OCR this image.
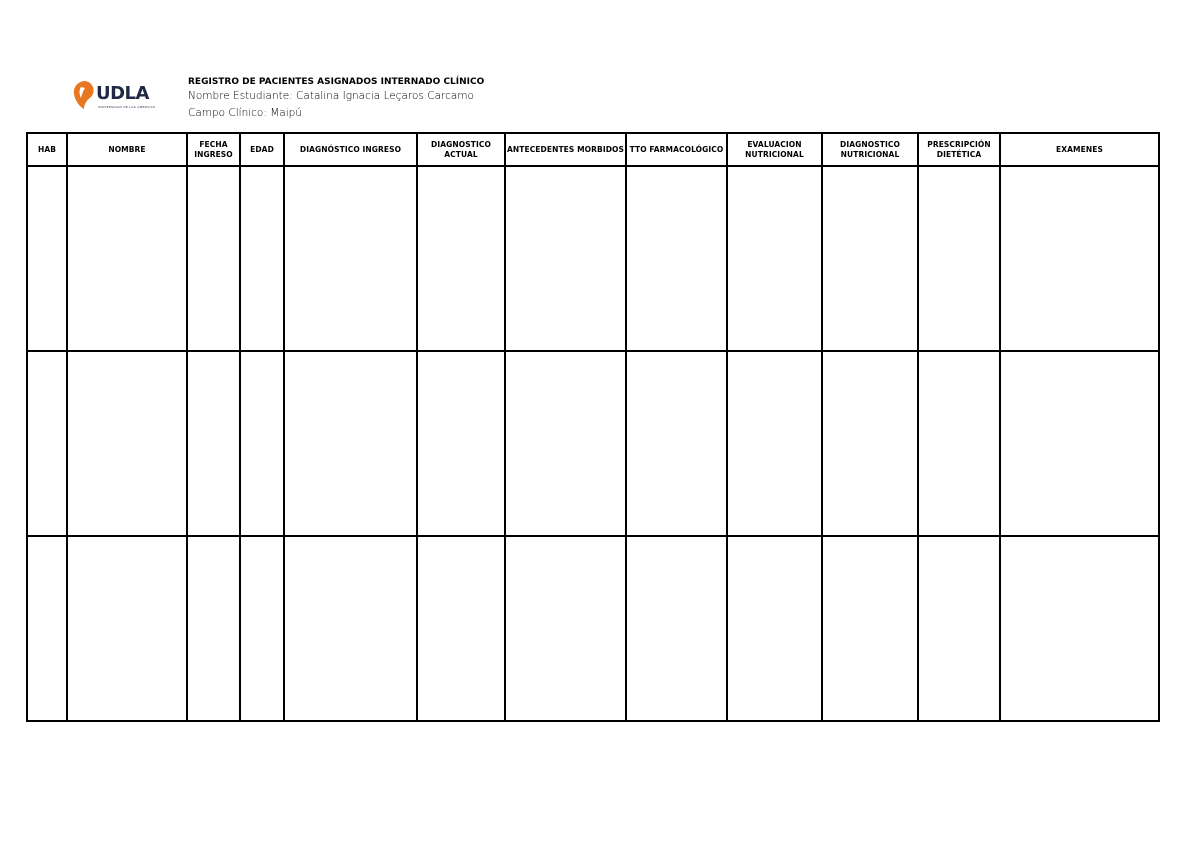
UDLA
UNIVERSIDAD DE LAS AMERICAS

REGISTRO DE PACIENTES ASIGNADOS INTERNADO CLÍNICO

Nombre Estudiante: Catalina Ignacia Leçaros Carcamo

Campo Clínico: Maipú

HAB	NOMBRE	FECHA INGRESO	EDAD	DIAGNÓSTICO INGRESO	DIAGNOSTICO ACTUAL	ANTECEDENTES MORBIDOS	TTO FARMACOLÓGICO	EVALUACION NUTRICIONAL	DIAGNOSTICO NUTRICIONAL	PRESCRIPCIÓN DIETÉTICA	EXAMENES
